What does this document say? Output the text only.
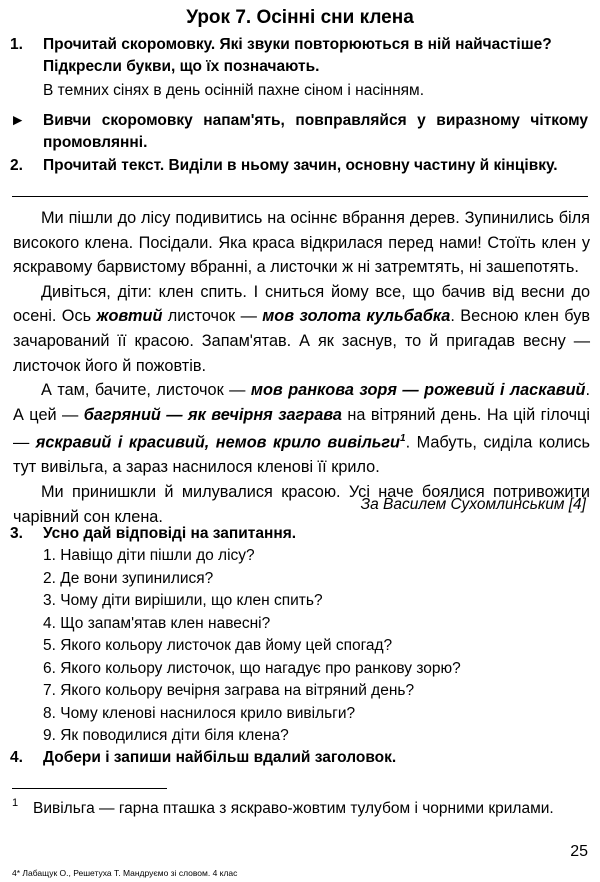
Урок 7. Осінні сни клена
1.	Прочитай скоромовку. Які звуки повторюються в ній найчастіше?
Підкресли букви, що їх позначають.
В темних сінях в день осінній пахне сіном і насінням.
►	Вивчи скоромовку напам'ять, повправляйся у виразному чіткому промовлянні.
2.	Прочитай текст. Виділи в ньому зачин, основну частину й кінцівку.

Ми пішли до лісу подивитись на осіннє вбрання дерев. Зупинились біля високого клена. Посідали. Яка краса відкрилася перед нами! Стоїть клен у яскравому барвистому вбранні, а листочки ж ні затремтять, ні зашепотять.

Дивіться, діти: клен спить. І сниться йому все, що бачив від весни до осені. Ось жовтий листочок — мов золота кульбабка. Весною клен був зачарований її красою. Запам'ятав. А як заснув, то й пригадав весну — листочок його й пожовтів.

А там, бачите, листочок — мов ранкова зоря — рожевий і ласкавий. А цей — багряний — як вечірня заграва на вітряний день. На цій гілочці — яскравий і красивий, немов крило вивільги$^1$. Мабуть, сиділа колись тут вивільга, а зараз наснилося кленові її крило.

Ми принишкли й милувалися красою. Усі наче боялися потривожити чарівний сон клена.

За Василем Сухомлинським [4]
3.	Усно дай відповіді на запитання.
1. Навіщо діти пішли до лісу?
2. Де вони зупинилися?
3. Чому діти вирішили, що клен спить?
4. Що запам'ятав клен навесні?
5. Якого кольору листочок дав йому цей спогад?
6. Якого кольору листочок, що нагадує про ранкову зорю?
7. Якого кольору вечірня заграва на вітряний день?
8. Чому кленові наснилося крило вивільги?
9. Як поводилися діти біля клена?
4.	Добери і запиши найбільш вдалий заголовок.
1 Вивільга — гарна пташка з яскраво-жовтим тулубом і чорними крилами.
25
4* Лабащук О., Решетуха Т. Мандруємо зі словом. 4 клас
